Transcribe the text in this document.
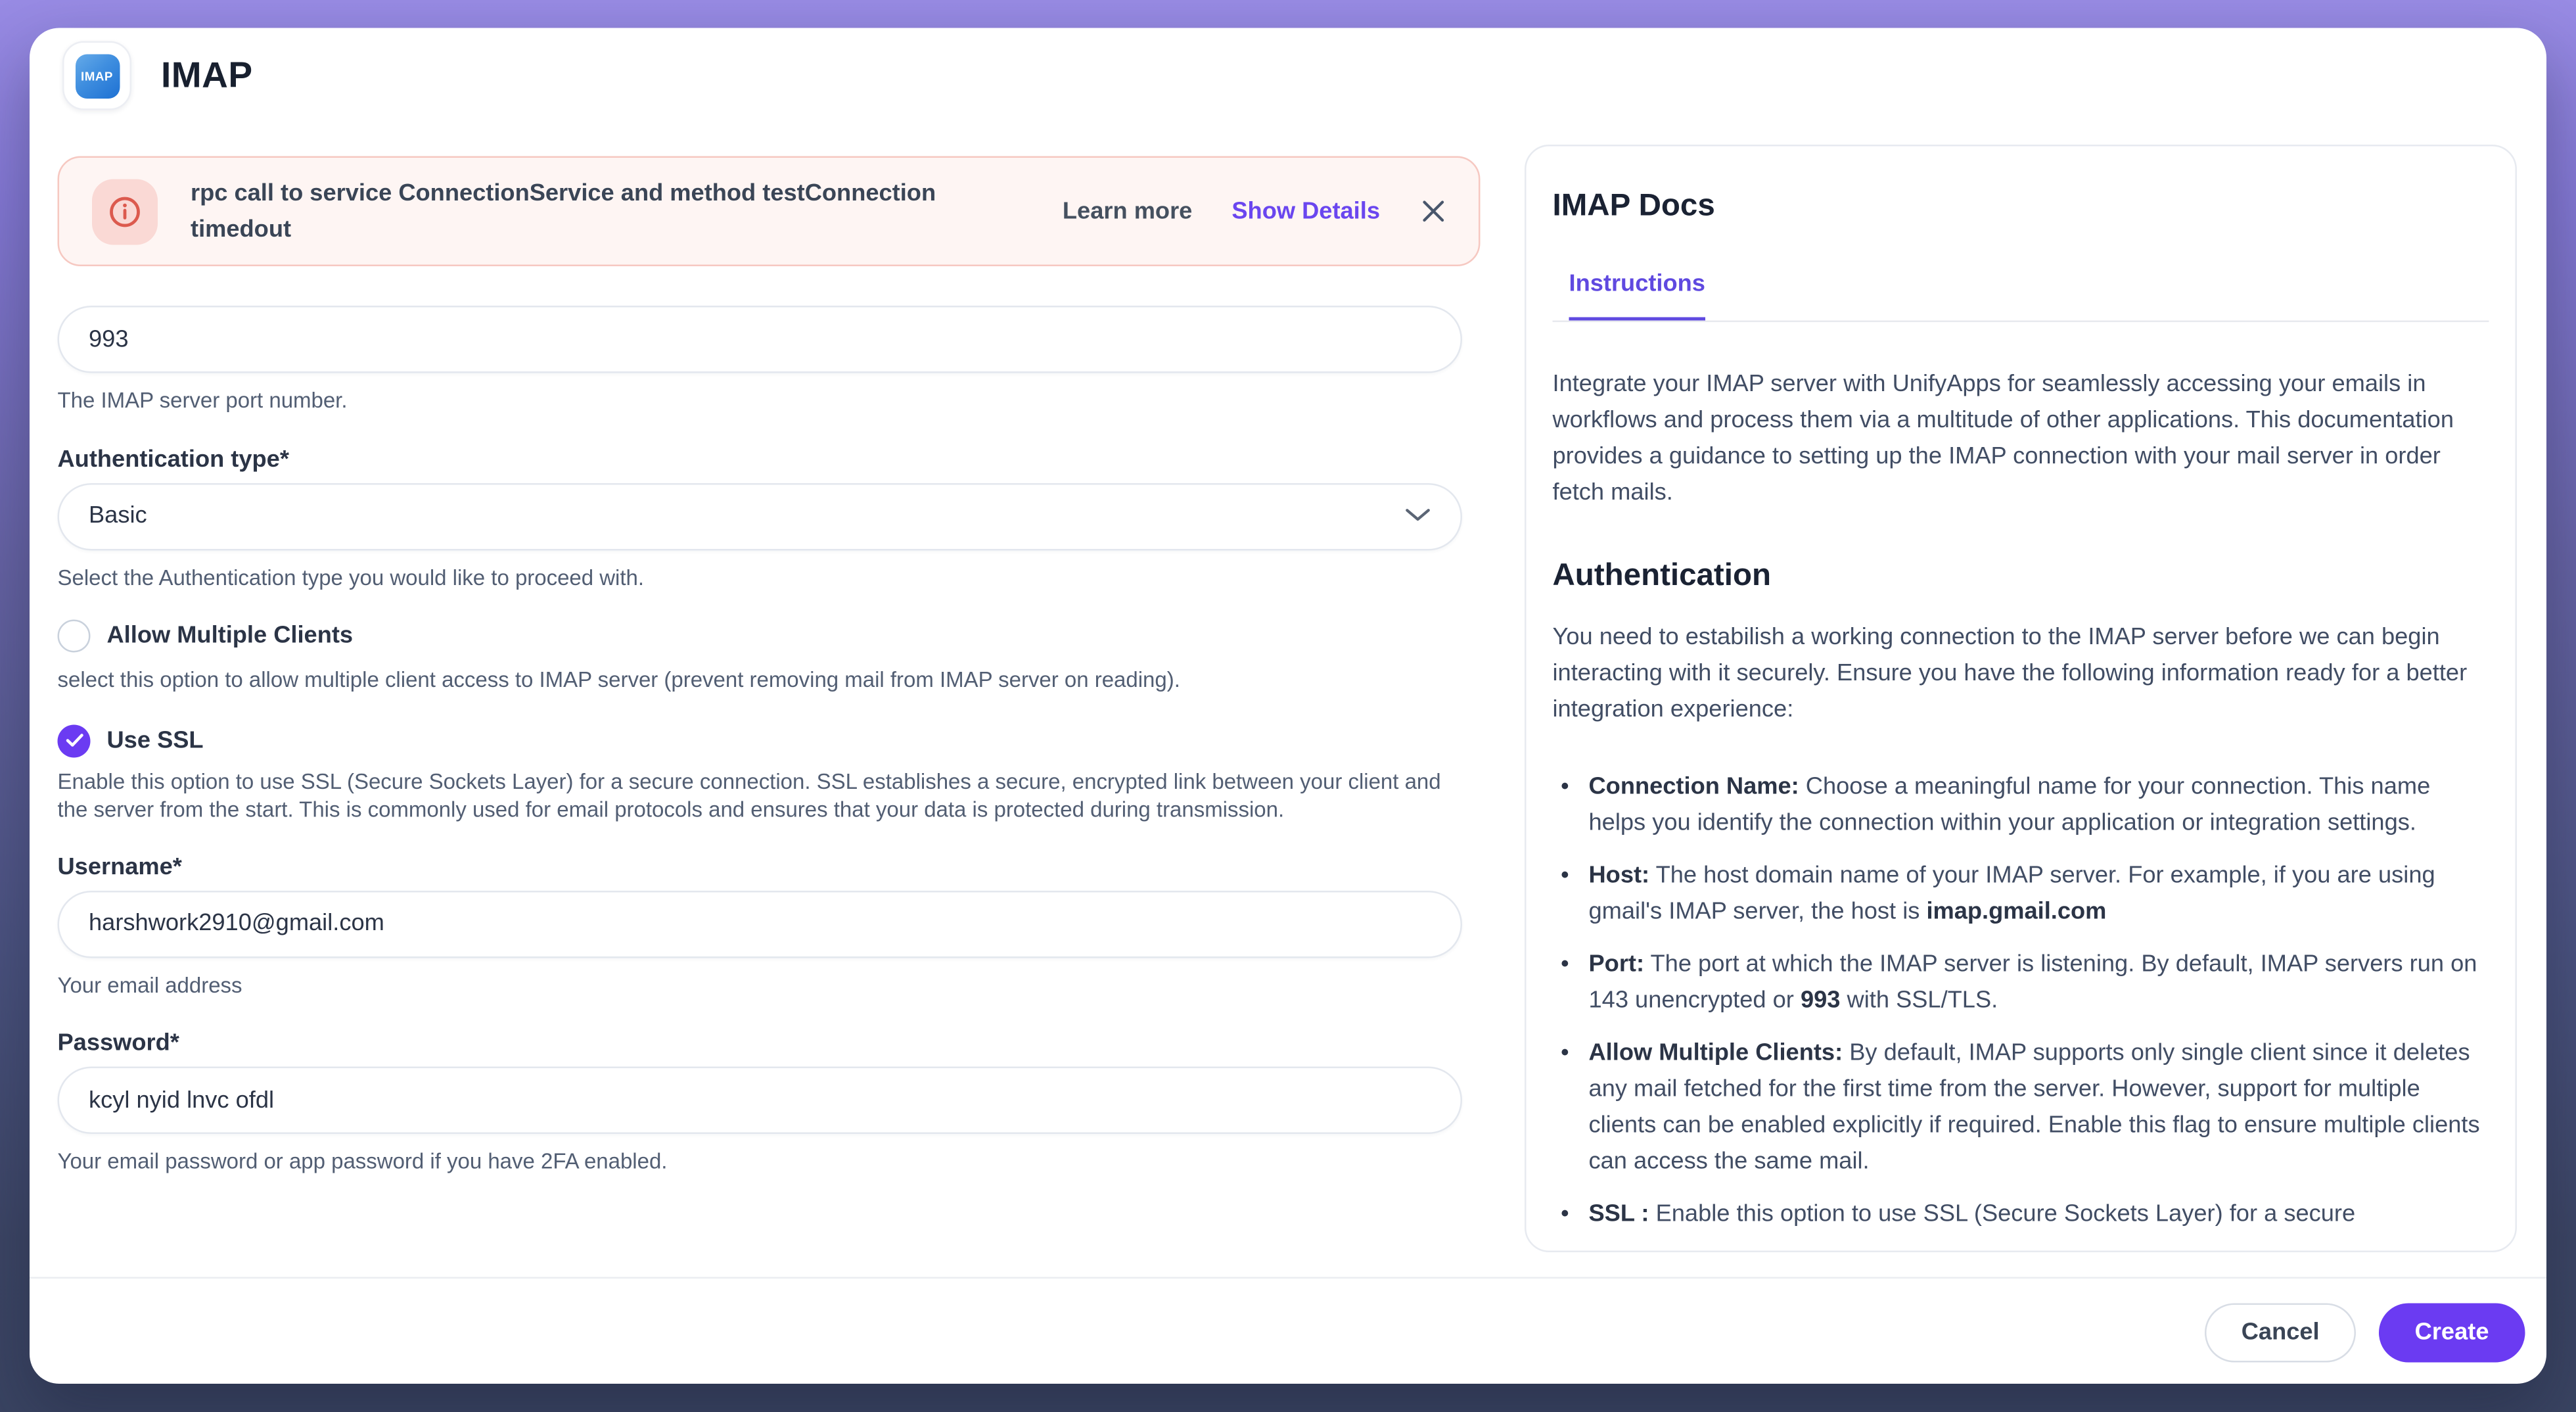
IMAP	IMAP
rpc call to service ConnectionService and method testConnection timedout
Learn more	Show Details
993
The IMAP server port number.
Authentication type*
Basic
Select the Authentication type you would like to proceed with.
Allow Multiple Clients
select this option to allow multiple client access to IMAP server (prevent removing mail from IMAP server on reading).
Use SSL
Enable this option to use SSL (Secure Sockets Layer) for a secure connection. SSL establishes a secure, encrypted link between your client and the server from the start. This is commonly used for email protocols and ensures that your data is protected during transmission.
Username*
harshwork2910@gmail.com
Your email address
Password*
kcyl nyid lnvc ofdl
Your email password or app password if you have 2FA enabled.
IMAP Docs
Instructions
Integrate your IMAP server with UnifyApps for seamlessly accessing your emails in workflows and process them via a multitude of other applications. This documentation provides a guidance to setting up the IMAP connection with your mail server in order fetch mails.
Authentication
You need to estabilish a working connection to the IMAP server before we can begin interacting with it securely. Ensure you have the following information ready for a better integration experience:
• Connection Name: Choose a meaningful name for your connection. This name helps you identify the connection within your application or integration settings.
• Host: The host domain name of your IMAP server. For example, if you are using gmail's IMAP server, the host is imap.gmail.com
• Port: The port at which the IMAP server is listening. By default, IMAP servers run on 143 unencrypted or 993 with SSL/TLS.
• Allow Multiple Clients: By default, IMAP supports only single client since it deletes any mail fetched for the first time from the server. However, support for multiple clients can be enabled explicitly if required. Enable this flag to ensure multiple clients can access the same mail.
• SSL : Enable this option to use SSL (Secure Sockets Layer) for a secure
Cancel	Create
